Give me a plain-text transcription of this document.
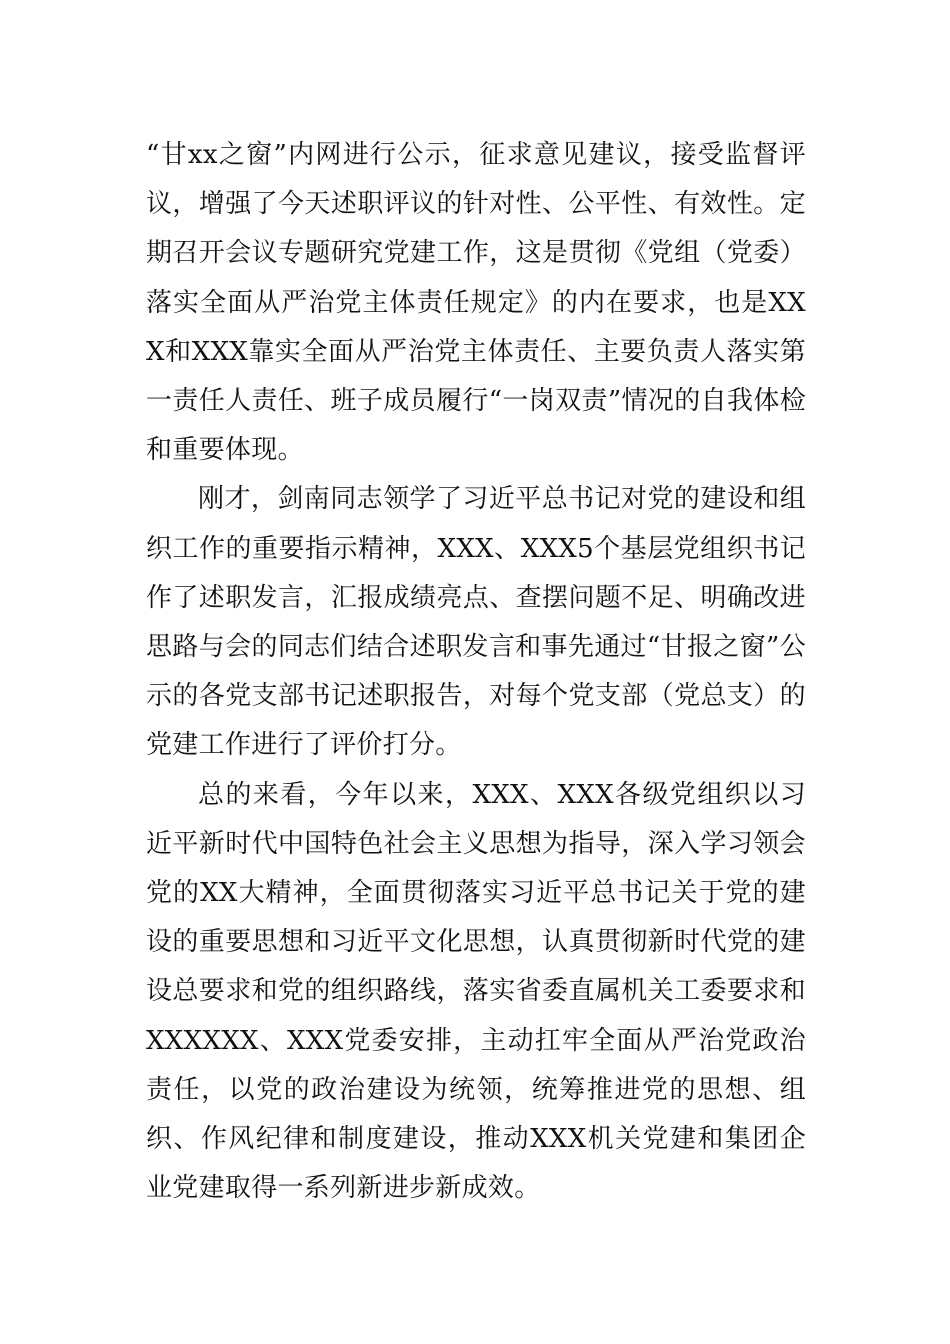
“甘xx之窗”内网进行公示，征求意见建议，接受监督评议，增强了今天述职评议的针对性、公平性、有效性。定期召开会议专题研究党建工作，这是贯彻《党组（党委）落实全面从严治党主体责任规定》的内在要求，也是XXX和XXX靠实全面从严治党主体责任、主要负责人落实第一责任人责任、班子成员履行“一岗双责”情况的自我体检和重要体现。

刚才，剑南同志领学了习近平总书记对党的建设和组织工作的重要指示精神，XXX、XXX5个基层党组织书记作了述职发言，汇报成绩亮点、查摆问题不足、明确改进思路与会的同志们结合述职发言和事先通过“甘报之窗”公示的各党支部书记述职报告，对每个党支部（党总支）的党建工作进行了评价打分。

总的来看，今年以来，XXX、XXX各级党组织以习近平新时代中国特色社会主义思想为指导，深入学习领会党的XX大精神，全面贯彻落实习近平总书记关于党的建设的重要思想和习近平文化思想，认真贯彻新时代党的建设总要求和党的组织路线，落实省委直属机关工委要求和XXXXXX、XXX党委安排，主动扛牢全面从严治党政治责任，以党的政治建设为统领，统筹推进党的思想、组织、作风纪律和制度建设，推动XXX机关党建和集团企业党建取得一系列新进步新成效。
